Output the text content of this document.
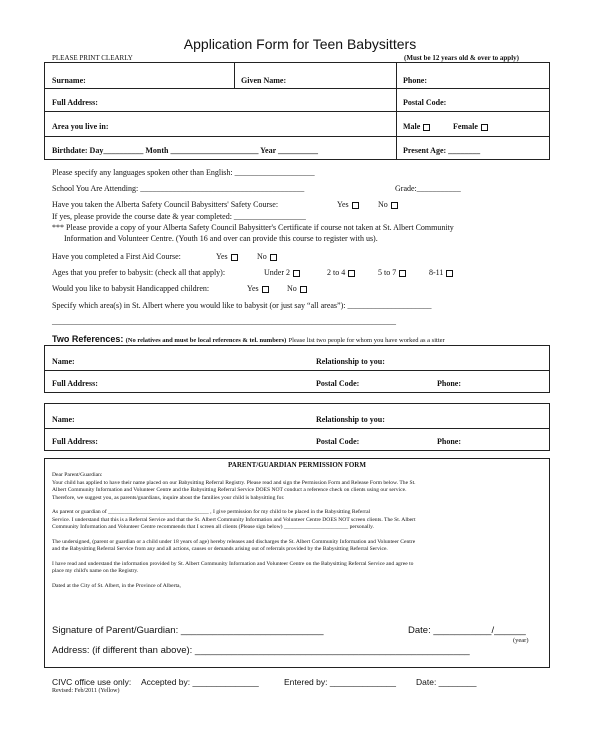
Application Form for Teen Babysitters
PLEASE PRINT CLEARLY	(Must be 12 years old & over to apply)
Surname:	Given Name:	Phone:
Full Address:	Postal Code:
Area you live in:	Male	Female
Birthdate: Day__________ Month ______________________ Year __________	Present Age: ________
Please specify any languages spoken other than English: ____________________
School You Are Attending: _________________________________________	Grade:___________
Have you taken the Alberta Safety Council Babysitters' Safety Course:	Yes	No
If yes, please provide the course date & year completed: __________________
*** Please provide a copy of your Alberta Safety Council Babysitter's Certificate if course not taken at St. Albert Community
Information and Volunteer Centre. (Youth 16 and over can provide this course to register with us).
Have you completed a First Aid Course:	Yes	No
Ages that you prefer to babysit: (check all that apply):	Under 2	2 to 4	5 to 7	8-11
Would you like to babysit Handicapped children:	Yes	No
Specify which area(s) in St. Albert where you would like to babysit (or just say “all areas”): _____________________
______________________________________________________________________________________
Two References: (No relatives and must be local references & tel. numbers) Please list two people for whom you have worked as a sitter
Name:	Relationship to you:
Full Address:	Postal Code:	Phone:
Name:	Relationship to you:
Full Address:	Postal Code:	Phone:
PARENT/GUARDIAN PERMISSION FORM

Dear Parent/Guardian:

Your child has applied to have their name placed on our Babysitting Referral Registry. Please read and sign the Permission Form and Release Form below. The St.

Albert Community Information and Volunteer Centre and the Babysitting Referral Service DOES NOT conduct a reference check on clients using our service.

Therefore, we suggest you, as parents/guardians, inquire about the families your child is babysitting for.

As parent or guardian of ____________________________________ , I give permission for my child to be placed in the Babysitting Referral

Service. I understand that this is a Referral Service and that the St. Albert Community Information and Volunteer Centre DOES NOT screen clients. The St. Albert

Community Information and Volunteer Centre recommends that I screen all clients (Please sign below) _______________________ personally.

The undersigned, (parent or guardian or a child under 18 years of age) hereby releases and discharges the St. Albert Community Information and Volunteer Centre

and the Babysitting Referral Service from any and all actions, causes or demands arising out of referrals provided by the Babysitting Referral Service.

I have read and understand the information provided by St. Albert Community Information and Volunteer Centre on the Babysitting Referral Service and agree to

place my child's name on the Registry.

Dated at the City of St. Albert, in the Province of Alberta,

Signature of Parent/Guardian: ___________________________	Date: ___________/______
(year)
Address: (if different than above): ____________________________________________________
CIVC office use only: Accepted by: ______________	Entered by: ______________ Date: ________
Revised: Feb/2011 (Yellow)
